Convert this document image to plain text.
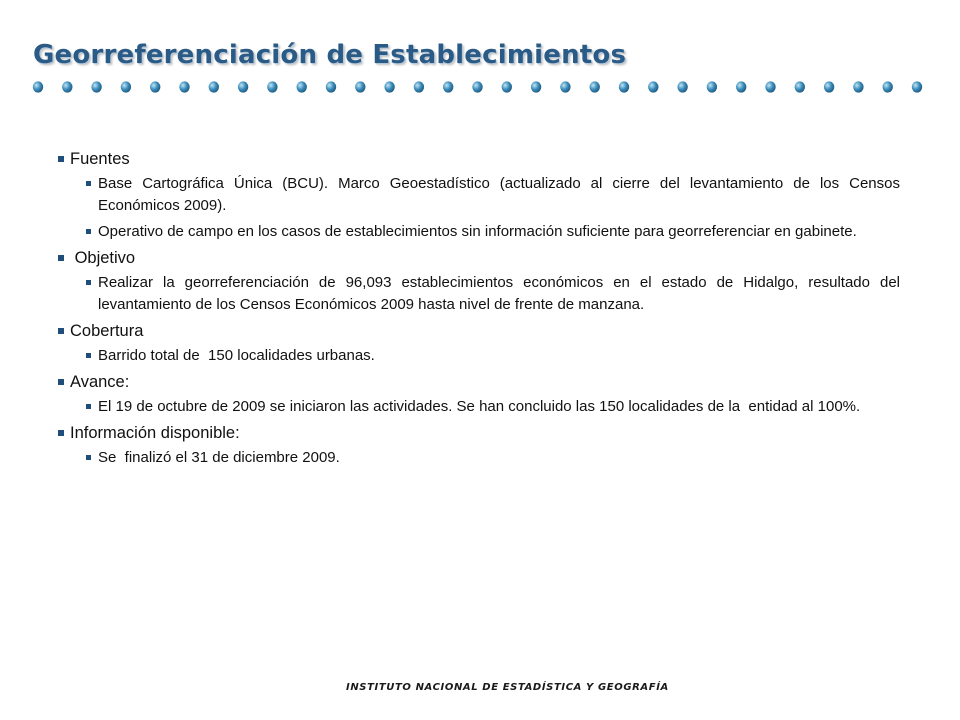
Georreferenciación de Establecimientos
Fuentes
Base Cartográfica Única (BCU). Marco Geoestadístico (actualizado al cierre del levantamiento de los Censos Económicos 2009).
Operativo de campo en los casos de establecimientos sin información suficiente para georreferenciar en gabinete.
Objetivo
Realizar la georreferenciación de 96,093 establecimientos económicos en el estado de Hidalgo, resultado del levantamiento de los Censos Económicos 2009 hasta nivel de frente de manzana.
Cobertura
Barrido total de  150 localidades urbanas.
Avance:
El 19 de octubre de 2009 se iniciaron las actividades. Se han concluido las 150 localidades de la  entidad al 100%.
Información disponible:
Se  finalizó el 31 de diciembre 2009.

INSTITUTO NACIONAL DE ESTADÍSTICA Y GEOGRAFÍA
